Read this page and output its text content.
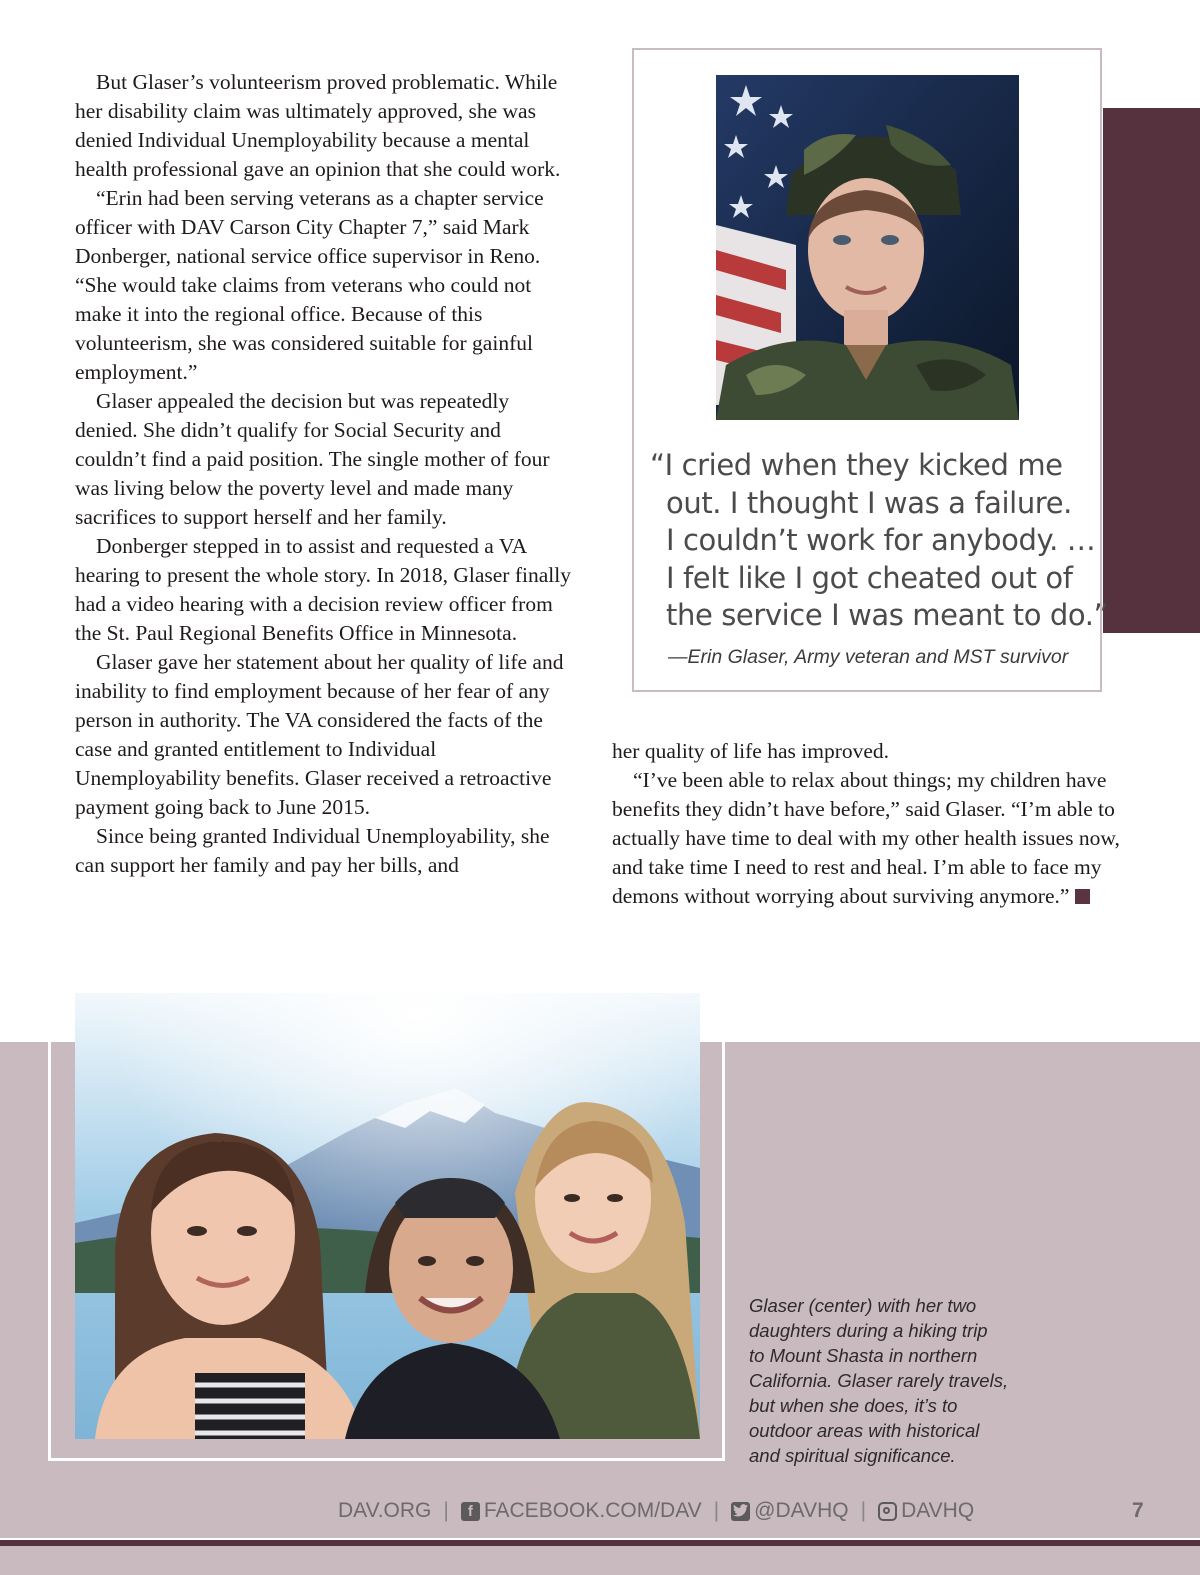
But Glaser’s volunteerism proved problematic. While her disability claim was ultimately approved, she was denied Individual Unemployability because a mental health professional gave an opinion that she could work.

“Erin had been serving veterans as a chapter service officer with DAV Carson City Chapter 7,” said Mark Donberger, national service office supervisor in Reno. “She would take claims from veterans who could not make it into the regional office. Because of this volunteerism, she was considered suitable for gainful employment.”

Glaser appealed the decision but was repeatedly denied. She didn’t qualify for Social Security and couldn’t find a paid position. The single mother of four was living below the poverty level and made many sacrifices to support herself and her family.

Donberger stepped in to assist and requested a VA hearing to present the whole story. In 2018, Glaser finally had a video hearing with a decision review officer from the St. Paul Regional Benefits Office in Minnesota.

Glaser gave her statement about her quality of life and inability to find employment because of her fear of any person in authority. The VA considered the facts of the case and granted entitlement to Individual Unemployability benefits. Glaser received a retroactive payment going back to June 2015.

Since being granted Individual Unemployability, she can support her family and pay her bills, and

“I cried when they kicked me
out. I thought I was a failure.
I couldn’t work for anybody. …
I felt like I got cheated out of
the service I was meant to do.”
—Erin Glaser, Army veteran and MST survivor

her quality of life has improved.

“I’ve been able to relax about things; my children have benefits they didn’t have before,” said Glaser. “I’m able to actually have time to deal with my other health issues now, and take time I need to rest and heal. I’m able to face my demons without worrying about surviving anymore.”

Glaser (center) with her two
daughters during a hiking trip
to Mount Shasta in northern
California. Glaser rarely travels,
but when she does, it’s to
outdoor areas with historical
and spiritual significance.
DAV.ORG |	f FACEBOOK.COM/DAV | @DAVHQ | DAVHQ	7
